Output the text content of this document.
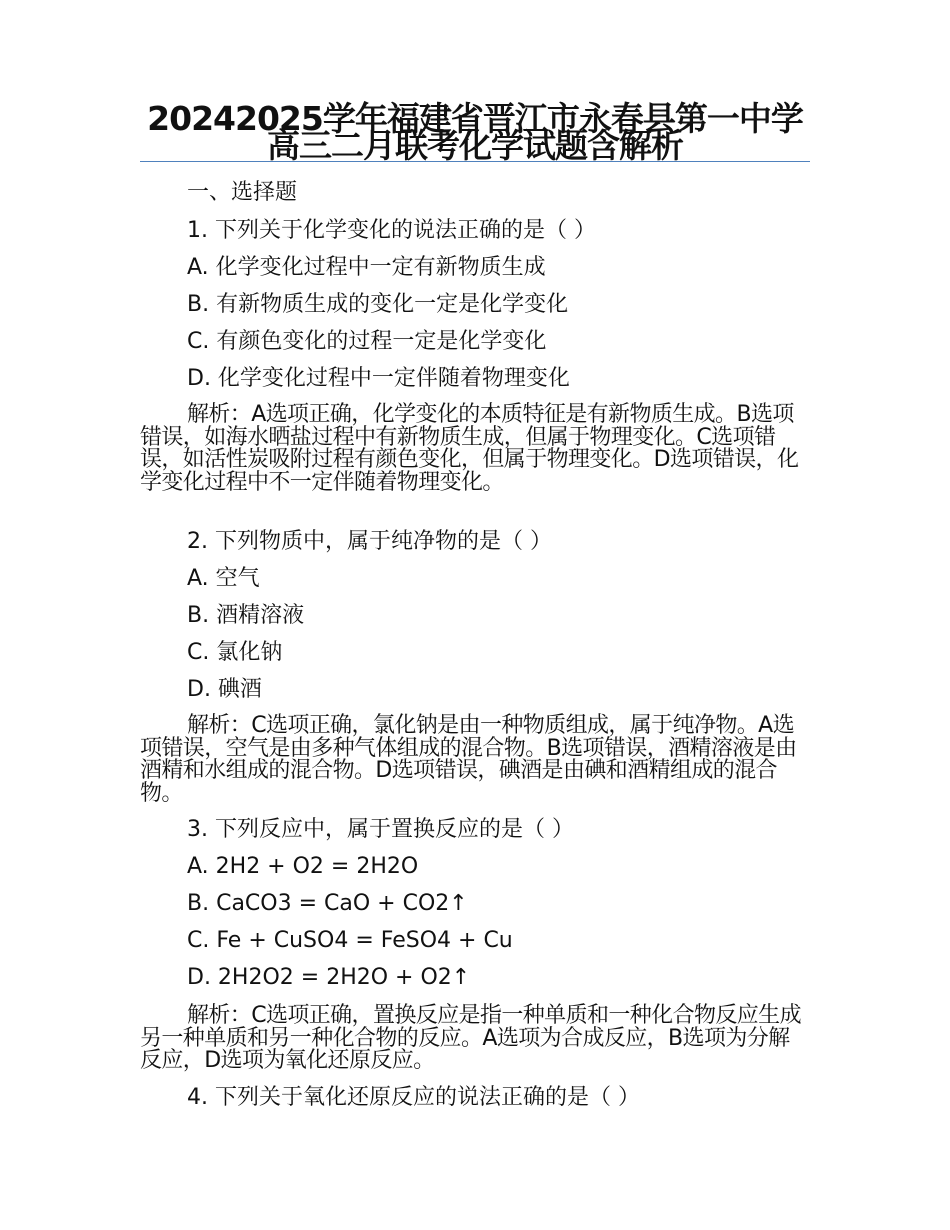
20242025学年福建省晋江市永春县第一中学高三二月联考化学试题含解析

一、选择题

1. 下列关于化学变化的说法正确的是（ ）

A. 化学变化过程中一定有新物质生成

B. 有新物质生成的变化一定是化学变化

C. 有颜色变化的过程一定是化学变化

D. 化学变化过程中一定伴随着物理变化

解析：A选项正确，化学变化的本质特征是有新物质生成。B选项错误，如海水晒盐过程中有新物质生成，但属于物理变化。C选项错误，如活性炭吸附过程有颜色变化，但属于物理变化。D选项错误，化学变化过程中不一定伴随着物理变化。

2. 下列物质中，属于纯净物的是（ ）

A. 空气

B. 酒精溶液

C. 氯化钠

D. 碘酒

解析：C选项正确，氯化钠是由一种物质组成，属于纯净物。A选项错误，空气是由多种气体组成的混合物。B选项错误，酒精溶液是由酒精和水组成的混合物。D选项错误，碘酒是由碘和酒精组成的混合物。

3. 下列反应中，属于置换反应的是（ ）

A. 2H2 + O2 = 2H2O

B. CaCO3 = CaO + CO2↑

C. Fe + CuSO4 = FeSO4 + Cu

D. 2H2O2 = 2H2O + O2↑

解析：C选项正确，置换反应是指一种单质和一种化合物反应生成另一种单质和另一种化合物的反应。A选项为合成反应，B选项为分解反应，D选项为氧化还原反应。

4. 下列关于氧化还原反应的说法正确的是（ ）
